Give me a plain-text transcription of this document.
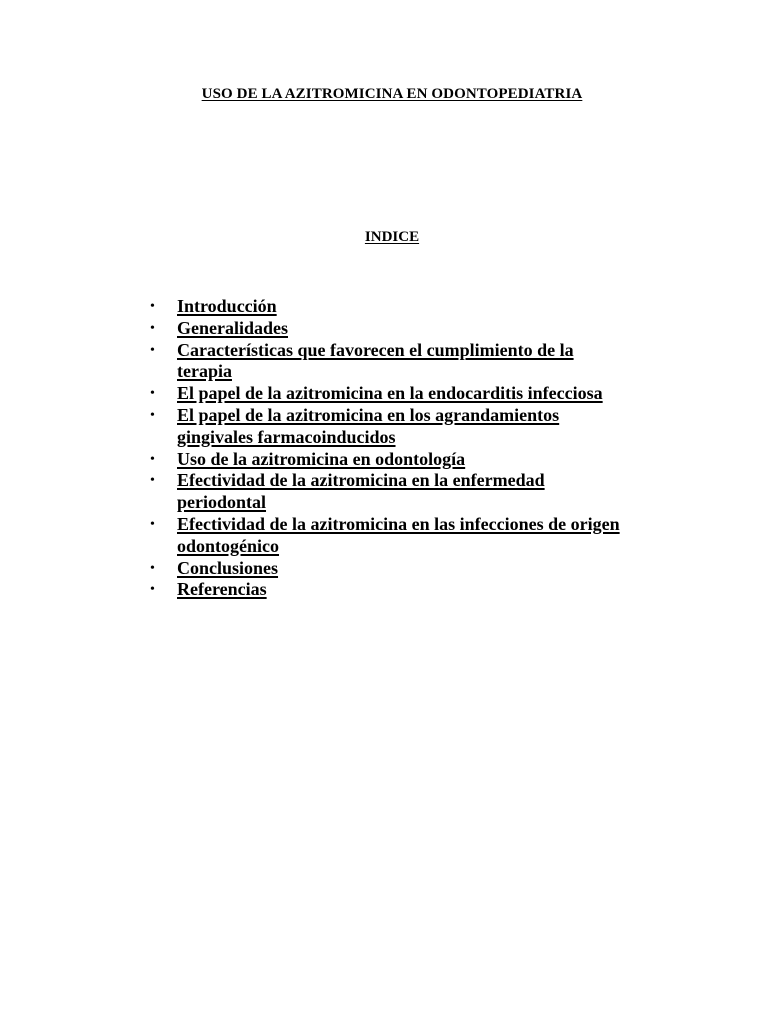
USO DE LA AZITROMICINA EN ODONTOPEDIATRIA
INDICE
• Introducción
• Generalidades
• Características que favorecen el cumplimiento de la
terapia
• El papel de la azitromicina en la endocarditis infecciosa
• El papel de la azitromicina en los agrandamientos
gingivales farmacoinducidos
• Uso de la azitromicina en odontología
• Efectividad de la azitromicina en la enfermedad
periodontal
• Efectividad de la azitromicina en las infecciones de origen
odontogénico
• Conclusiones
• Referencias
